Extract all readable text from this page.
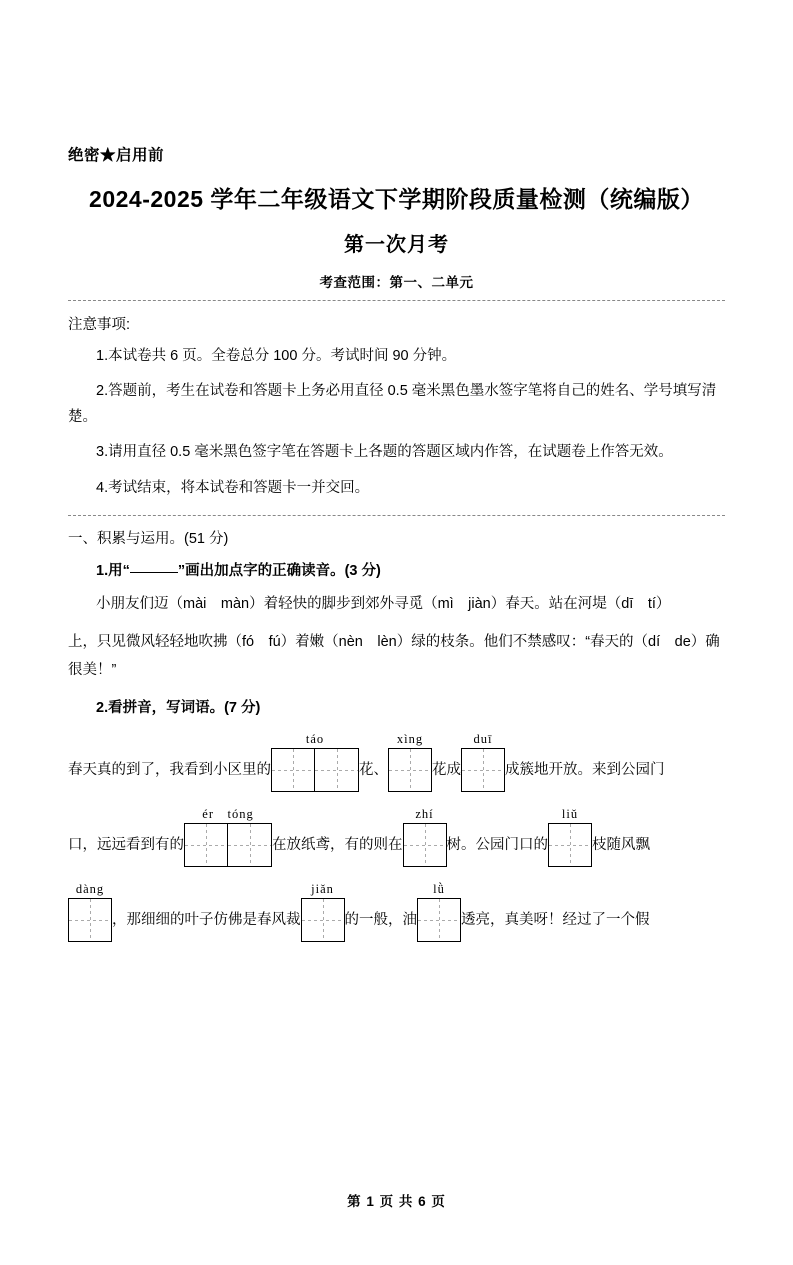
绝密★启用前
2024-2025 学年二年级语文下学期阶段质量检测（统编版）
第一次月考
考查范围：第一、二单元
注意事项:
1.本试卷共 6 页。全卷总分 100 分。考试时间 90 分钟。
2.答题前，考生在试卷和答题卡上务必用直径 0.5 毫米黑色墨水签字笔将自己的姓名、学号填写清楚。
3.请用直径 0.5 毫米黑色签字笔在答题卡上各题的答题区域内作答，在试题卷上作答无效。
4.考试结束，将本试卷和答题卡一并交回。
一、积累与运用。(51 分)
1.用“	”画出加点字的正确读音。(3 分)
小朋友们迈（mài　màn）着轻快的脚步到郊外寻觅（mì　jiàn）春天。站在河堤（dī　tí）
上，只见微风轻轻地吹拂（fó　fú）着嫩（nèn　lèn）绿的枝条。他们不禁感叹：“春天的（dí　de）确很美！”
2.看拼音，写词语。(7 分)
春天真的到了，我看到小区里的
táo
花、
xìng
花成
duī
成簇地开放。来到公园门
口，远远看到有的
ér　tóng
在放纸鸢，有的则在
zhí
树。公园门口的
liǔ
枝随风飘
dàng
，那细细的叶子仿佛是春风裁
jiǎn
的一般，油
lǜ
透亮，真美呀！经过了一个假
第 1 页 共 6 页
